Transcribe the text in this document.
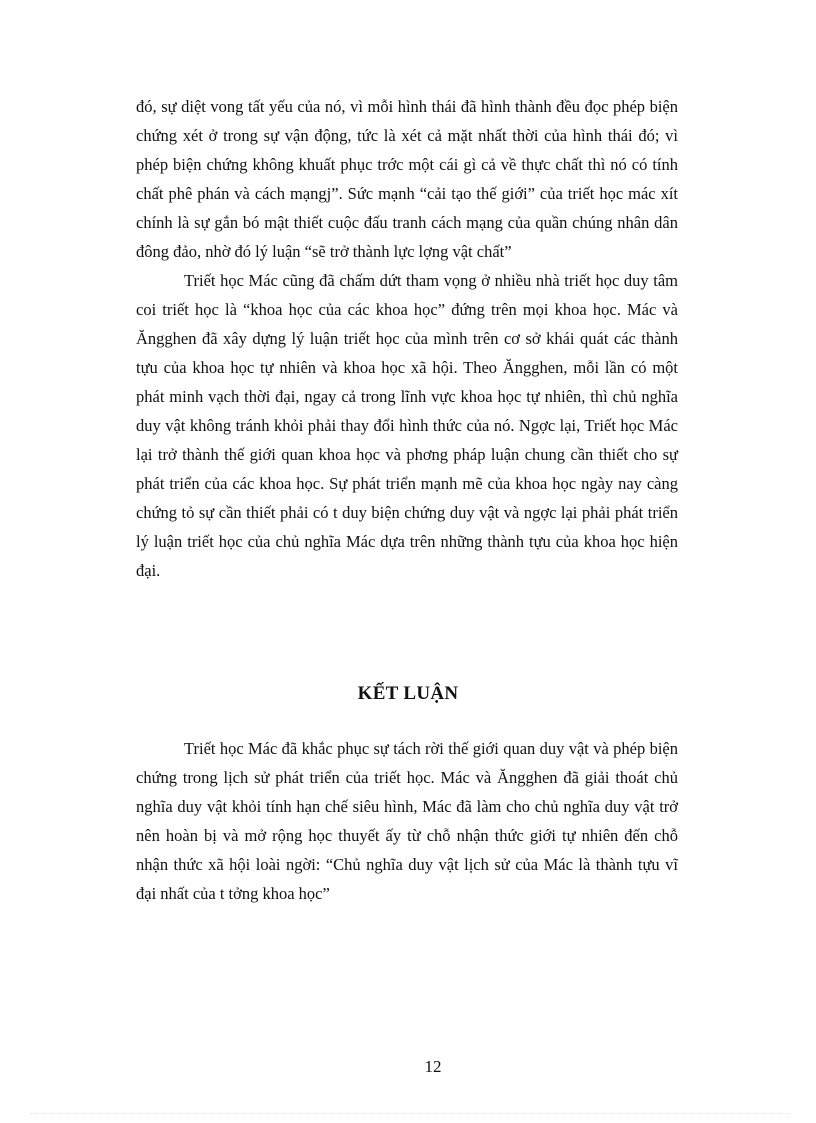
đó, sự diệt vong tất yếu của nó, vì mỗi hình thái đã hình thành đều đọc phép biện chứng xét ở trong sự vận động, tức là xét cả mặt nhất thời của hình thái đó; vì phép biện chứng không khuất phục trớc một cái gì cả về thực chất thì nó có tính chất phê phán và cách mạngj”. Sức mạnh “cải tạo thế giới” của triết học mác xít chính là sự gắn bó mật thiết cuộc đấu tranh cách mạng của quần chúng nhân dân đông đảo, nhờ đó lý luận “sẽ trở thành lực lợng vật chất”

Triết học Mác cũng đã chấm dứt tham vọng ở nhiều nhà triết học duy tâm coi triết học là “khoa học của các khoa học” đứng trên mọi khoa học. Mác và Ăngghen đã xây dựng lý luận triết học của mình trên cơ sở khái quát các thành tựu của khoa học tự nhiên và khoa học xã hội. Theo Ăngghen, mỗi lần có một phát minh vạch thời đại, ngay cả trong lĩnh vực khoa học tự nhiên, thì chủ nghĩa duy vật không tránh khỏi phải thay đổi hình thức của nó. Ngợc lại, Triết học Mác lại trở thành thế giới quan khoa học và phơng pháp luận chung cần thiết cho sự phát triển của các khoa học. Sự phát triển mạnh mẽ của khoa học ngày nay càng chứng tỏ sự cần thiết phải có t duy biện chứng duy vật và ngợc lại phải phát triển lý luận triết học của chủ nghĩa Mác dựa trên những thành tựu của khoa học hiện đại.

KẾT LUẬN

Triết học Mác đã khắc phục sự tách rời thế giới quan duy vật và phép biện chứng trong lịch sử phát triển của triết học. Mác và Ăngghen đã giải thoát chủ nghĩa duy vật khỏi tính hạn chế siêu hình, Mác đã làm cho chủ nghĩa duy vật trở nên hoàn bị và mở rộng học thuyết ấy từ chỗ nhận thức giới tự nhiên đến chỗ nhận thức xã hội loài ngời: “Chủ nghĩa duy vật lịch sử của Mác là thành tựu vĩ đại nhất của t tởng khoa học”

12
